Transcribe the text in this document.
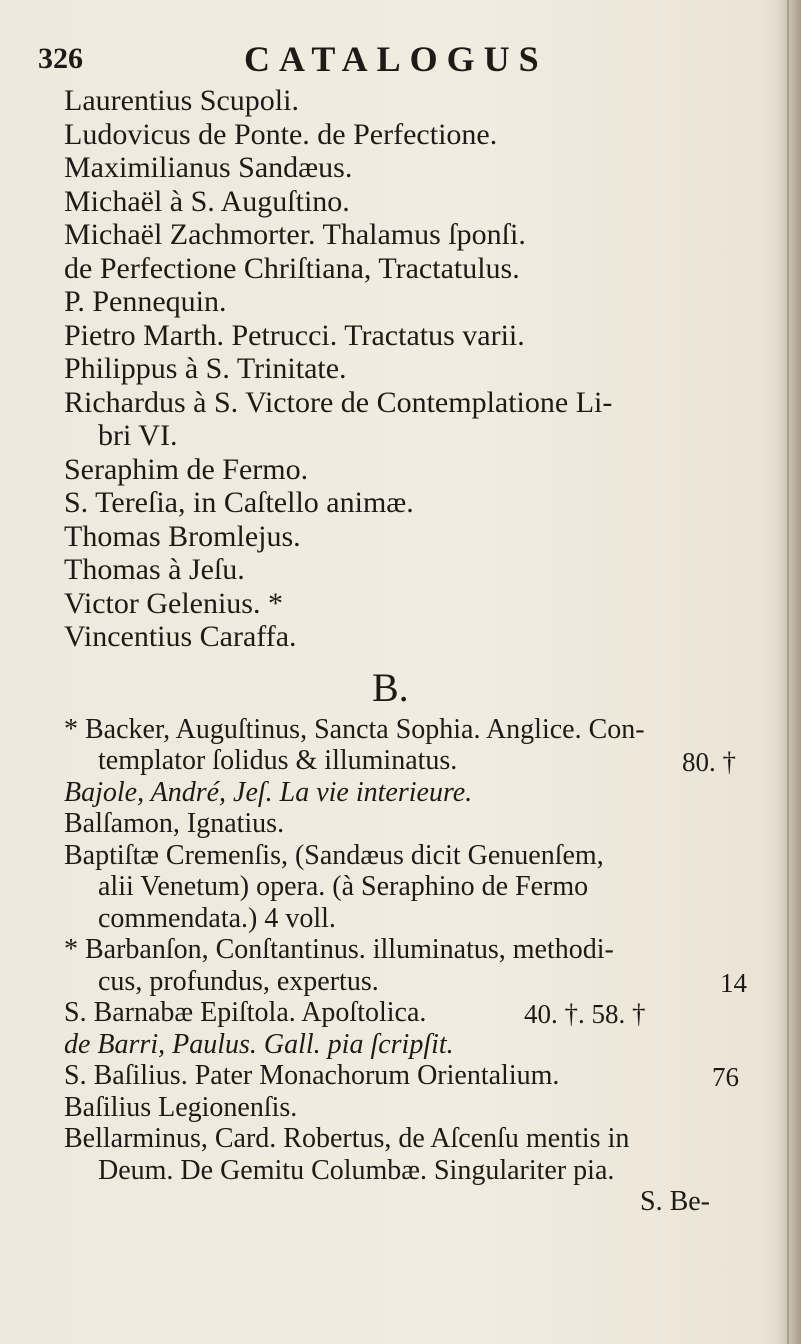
326	CATALOGUS
Laurentius Scupoli.
Ludovicus de Ponte. de Perfectione.
Maximilianus Sandæus.
Michaël à S. Auguſtino.
Michaël Zachmorter. Thalamus ſponſi.
de Perfectione Chriſtiana, Tractatulus.
P. Pennequin.
Pietro Marth. Petrucci. Tractatus varii.
Philippus à S. Trinitate.
Richardus à S. Victore de Contemplatione Li-
bri VI.
Seraphim de Fermo.
S. Tereſia, in Caſtello animæ.
Thomas Bromlejus.
Thomas à Jeſu.
Victor Gelenius. *
Vincentius Caraffa.
B.
* Backer, Auguſtinus, Sancta Sophia. Anglice. Con-
templator ſolidus & illuminatus.	80. †
Bajole, André, Jeſ. La vie interieure.
Balſamon, Ignatius.
Baptiſtæ Cremenſis, (Sandæus dicit Genuenſem,
alii Venetum) opera. (à Seraphino de Fermo
commendata.) 4 voll.
* Barbanſon, Conſtantinus. illuminatus, methodi-
cus, profundus, expertus.	14
S. Barnabæ Epiſtola. Apoſtolica.	40. †. 58. †
de Barri, Paulus. Gall. pia ſcripſit.
S. Baſilius. Pater Monachorum Orientalium.	76
Baſilius Legionenſis.
Bellarminus, Card. Robertus, de Aſcenſu mentis in
Deum. De Gemitu Columbæ. Singulariter pia.
S. Be-
